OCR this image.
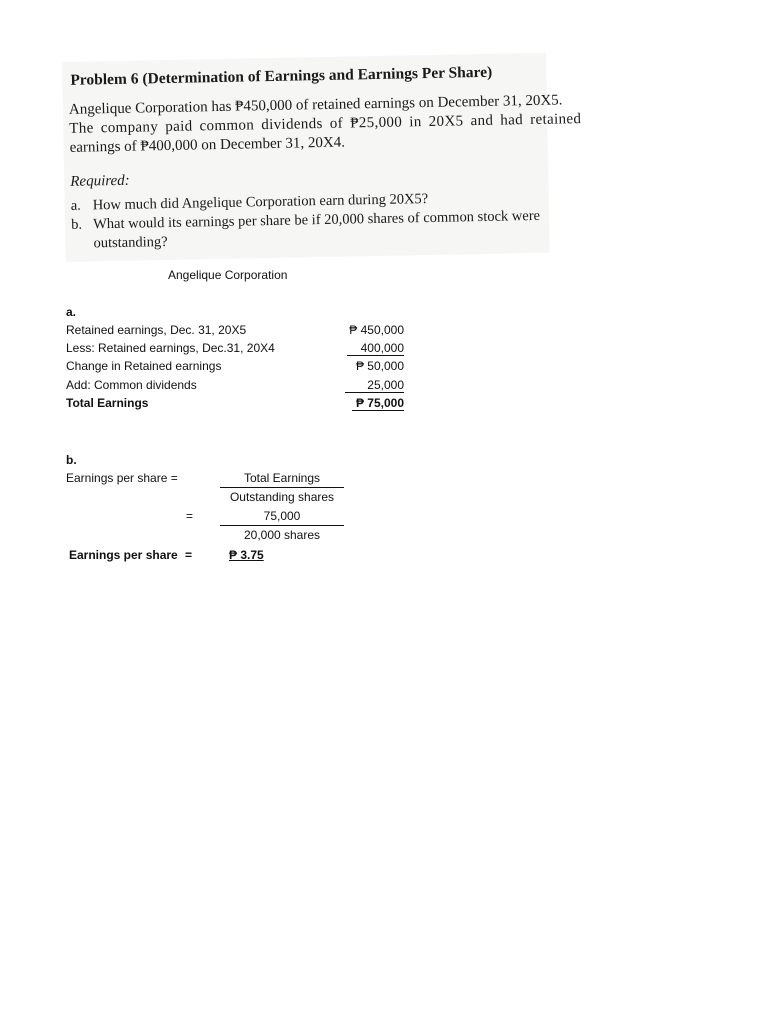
Problem 6 (Determination of Earnings and Earnings Per Share)
Angelique Corporation has ₱450,000 of retained earnings on December 31, 20X5.
The company paid common dividends of ₱25,000 in 20X5 and had retained
earnings of ₱400,000 on December 31, 20X4.
Required:
a. How much did Angelique Corporation earn during 20X5?
b. What would its earnings per share be if 20,000 shares of common stock were
outstanding?
Angelique Corporation
a.
Retained earnings, Dec. 31, 20X5	₱ 450,000
Less: Retained earnings, Dec.31, 20X4	400,000
Change in Retained earnings	₱ 50,000
Add: Common dividends	25,000
Total Earnings	₱ 75,000
b.
Earnings per share =	Total Earnings
Outstanding shares
=	75,000
20,000 shares
Earnings per share =	₱ 3.75
